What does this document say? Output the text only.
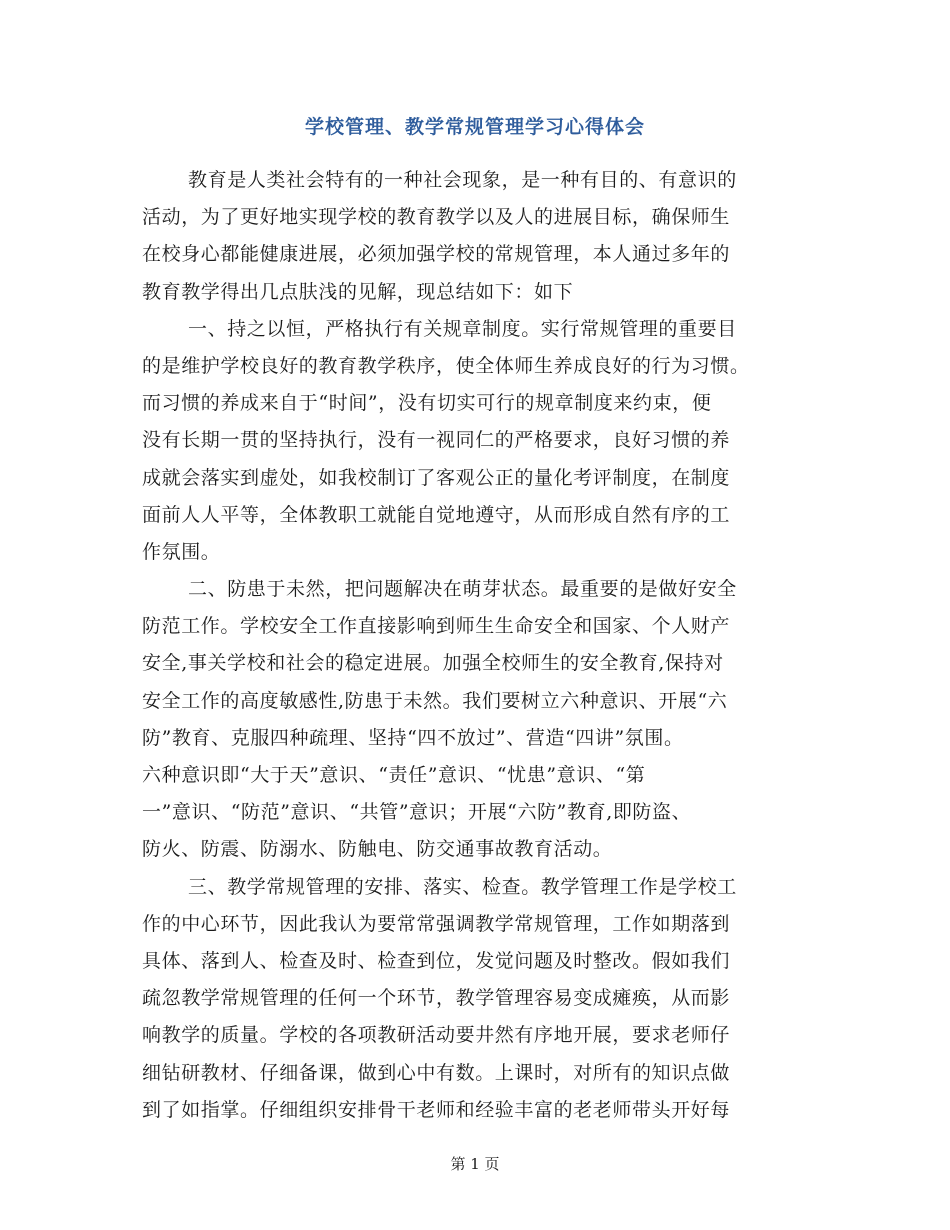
学校管理、教学常规管理学习心得体会
教育是人类社会特有的一种社会现象，是一种有目的、有意识的
活动，为了更好地实现学校的教育教学以及人的进展目标，确保师生
在校身心都能健康进展，必须加强学校的常规管理，本人通过多年的
教育教学得出几点肤浅的见解，现总结如下：如下
一、持之以恒，严格执行有关规章制度。实行常规管理的重要目
的是维护学校良好的教育教学秩序，使全体师生养成良好的行为习惯。
而习惯的养成来自于“时间”，没有切实可行的规章制度来约束，便
没有长期一贯的坚持执行，没有一视同仁的严格要求，良好习惯的养
成就会落实到虚处，如我校制订了客观公正的量化考评制度，在制度
面前人人平等，全体教职工就能自觉地遵守，从而形成自然有序的工
作氛围。
二、防患于未然，把问题解决在萌芽状态。最重要的是做好安全
防范工作。学校安全工作直接影响到师生生命安全和国家、个人财产
安全,事关学校和社会的稳定进展。加强全校师生的安全教育,保持对
安全工作的高度敏感性,防患于未然。我们要树立六种意识、开展“六
防”教育、克服四种疏理、坚持“四不放过”、营造“四讲”氛围。
六种意识即“大于天”意识、“责任”意识、“忧患”意识、“第
一”意识、“防范”意识、“共管”意识；开展“六防”教育,即防盗、
防火、防震、防溺水、防触电、防交通事故教育活动。
三、教学常规管理的安排、落实、检查。教学管理工作是学校工
作的中心环节，因此我认为要常常强调教学常规管理，工作如期落到
具体、落到人、检查及时、检查到位，发觉问题及时整改。假如我们
疏忽教学常规管理的任何一个环节，教学管理容易变成瘫痪，从而影
响教学的质量。学校的各项教研活动要井然有序地开展，要求老师仔
细钻研教材、仔细备课，做到心中有数。上课时，对所有的知识点做
到了如指掌。仔细组织安排骨干老师和经验丰富的老老师带头开好每
第 1 页
